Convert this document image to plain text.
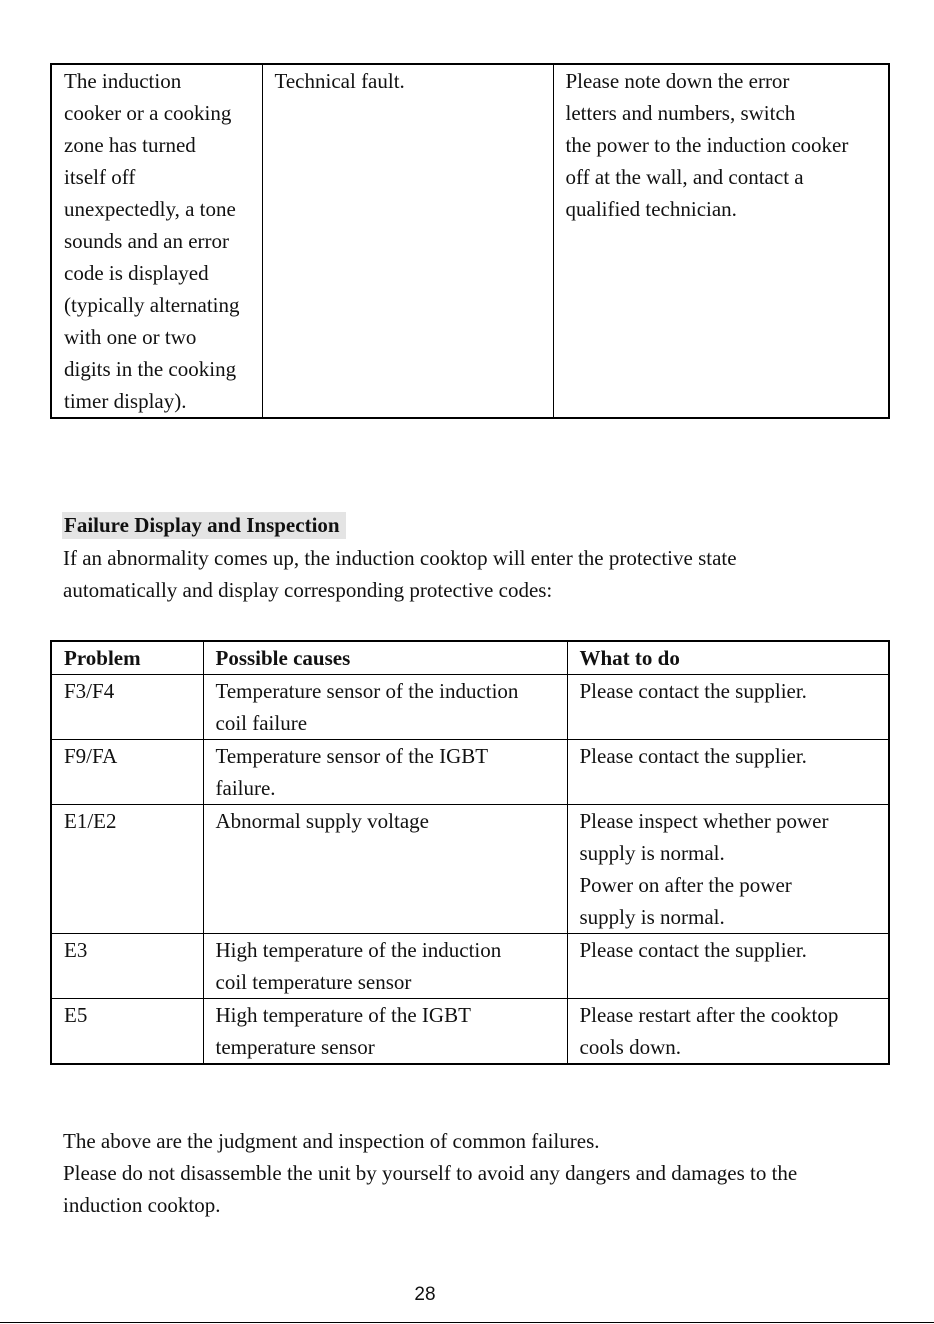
The induction
cooker or a cooking
zone has turned
itself off
unexpectedly, a tone
sounds and an error
code is displayed
(typically alternating
with one or two
digits in the cooking
timer display).

Technical fault.	Please note down the error
letters and numbers, switch
the power to the induction cooker
off at the wall, and contact a
qualified technician.
Failure Display and Inspection
If an abnormality comes up, the induction cooktop will enter the protective state
automatically and display corresponding protective codes:
Problem	Possible causes	What to do

F3/F4	Temperature sensor of the induction
coil failure	Please contact the supplier.

F9/FA	Temperature sensor of the IGBT
failure.	Please contact the supplier.

E1/E2	Abnormal supply voltage	Please inspect whether power
supply is normal.
Power on after the power
supply is normal.

E3	High temperature of the induction
coil temperature sensor	Please contact the supplier.

E5	High temperature of the IGBT
temperature sensor	Please restart after the cooktop
cools down.
The above are the judgment and inspection of common failures.
Please do not disassemble the unit by yourself to avoid any dangers and damages to the
induction cooktop.
28
